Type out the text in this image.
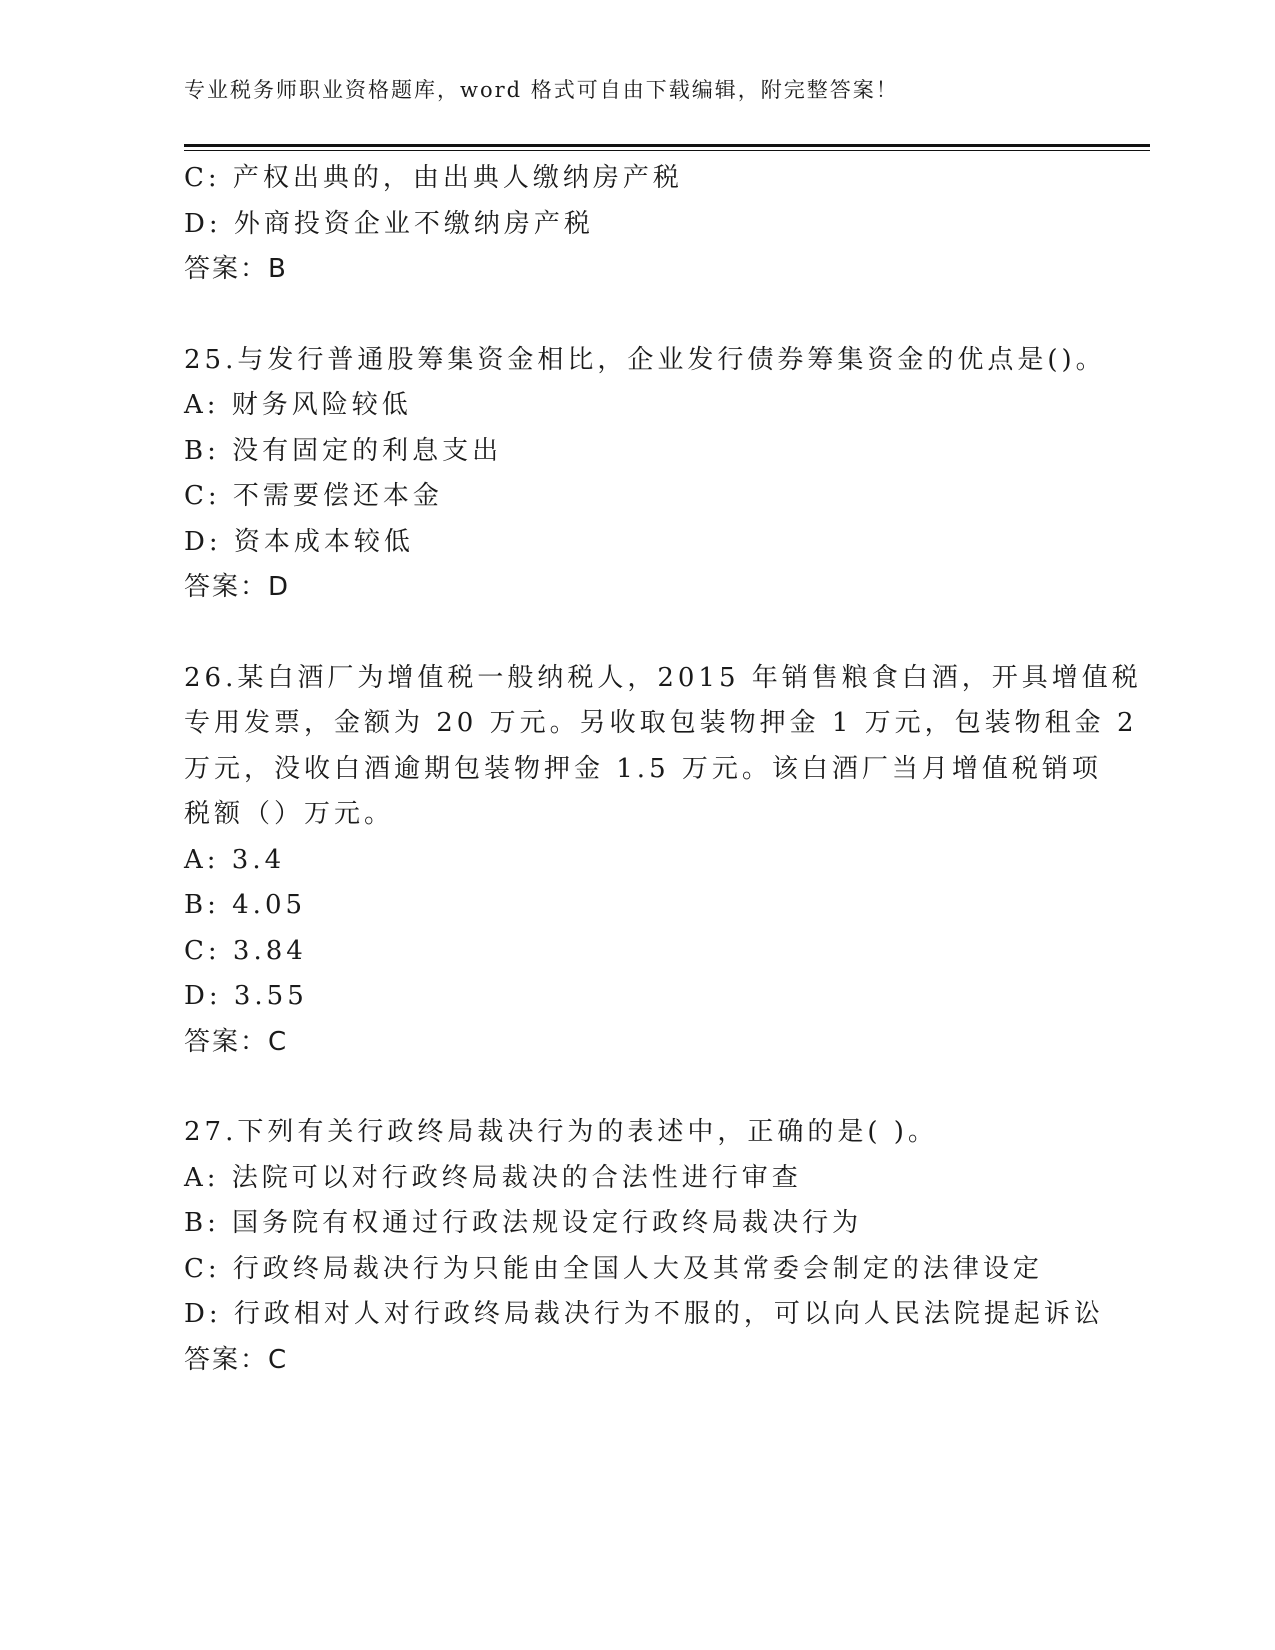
专业税务师职业资格题库，word 格式可自由下载编辑，附完整答案！
C: 产权出典的，由出典人缴纳房产税
D: 外商投资企业不缴纳房产税
答案：B
25.与发行普通股筹集资金相比，企业发行债券筹集资金的优点是()。
A: 财务风险较低
B: 没有固定的利息支出
C: 不需要偿还本金
D: 资本成本较低
答案：D
26.某白酒厂为增值税一般纳税人，2015 年销售粮食白酒，开具增值税
专用发票，金额为 20 万元。另收取包装物押金 1 万元，包装物租金 2
万元，没收白酒逾期包装物押金 1.5 万元。该白酒厂当月增值税销项
税额（）万元。
A: 3.4
B: 4.05
C: 3.84
D: 3.55
答案：C
27.下列有关行政终局裁决行为的表述中，正确的是( )。
A: 法院可以对行政终局裁决的合法性进行审查
B: 国务院有权通过行政法规设定行政终局裁决行为
C: 行政终局裁决行为只能由全国人大及其常委会制定的法律设定
D: 行政相对人对行政终局裁决行为不服的，可以向人民法院提起诉讼
答案：C
